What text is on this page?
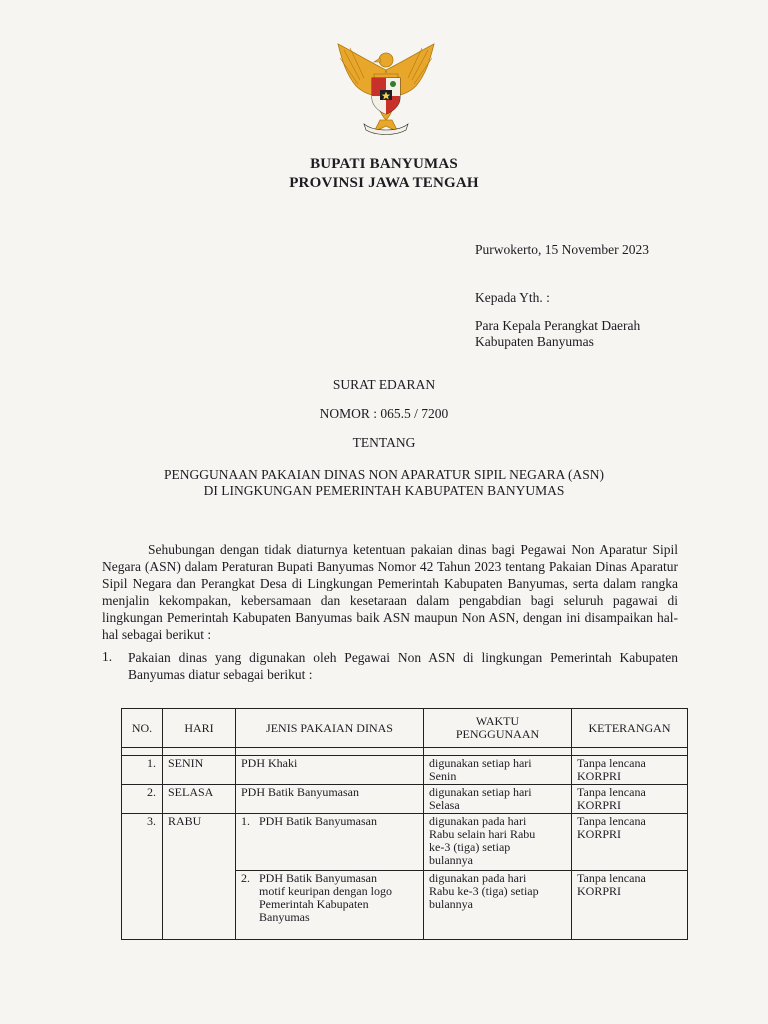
BUPATI BANYUMAS
PROVINSI JAWA TENGAH
Purwokerto, 15 November 2023
Kepada Yth. :
Para Kepala Perangkat Daerah
Kabupaten Banyumas
SURAT EDARAN
NOMOR : 065.5 / 7200
TENTANG
PENGGUNAAN PAKAIAN DINAS NON APARATUR SIPIL NEGARA (ASN)
DI LINGKUNGAN PEMERINTAH KABUPATEN BANYUMAS
Sehubungan dengan tidak diaturnya ketentuan pakaian dinas bagi Pegawai Non Aparatur Sipil Negara (ASN) dalam Peraturan Bupati Banyumas Nomor 42 Tahun 2023 tentang Pakaian Dinas Aparatur Sipil Negara dan Perangkat Desa di Lingkungan Pemerintah Kabupaten Banyumas, serta dalam rangka menjalin kekompakan, kebersamaan dan kesetaraan dalam pengabdian bagi seluruh pagawai di lingkungan Pemerintah Kabupaten Banyumas baik ASN maupun Non ASN, dengan ini disampaikan hal-hal sebagai berikut :
1. Pakaian dinas yang digunakan oleh Pegawai Non ASN di lingkungan Pemerintah Kabupaten Banyumas diatur sebagai berikut :
NO.	HARI	JENIS PAKAIAN DINAS	WAKTU PENGGUNAAN	KETERANGAN

1.	SENIN	PDH Khaki	digunakan setiap hari Senin	Tanpa lencana KORPRI

2.	SELASA	PDH Batik Banyumasan	digunakan setiap hari Selasa	Tanpa lencana KORPRI

3.	RABU	1. PDH Batik Banyumasan	digunakan pada hari Rabu selain hari Rabu ke-3 (tiga) setiap bulannya	Tanpa lencana KORPRI

		2. PDH Batik Banyumasan motif keuripan dengan logo Pemerintah Kabupaten Banyumas	digunakan pada hari Rabu ke-3 (tiga) setiap bulannya	Tanpa lencana KORPRI
